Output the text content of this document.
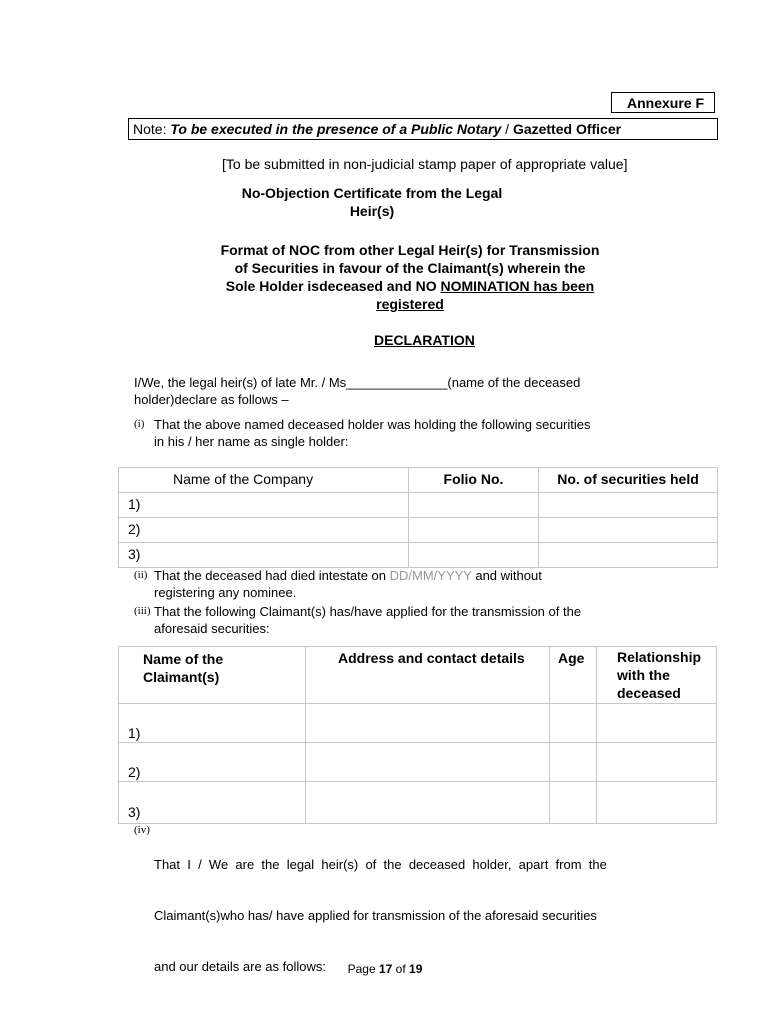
Annexure F
Note: To be executed in the presence of a Public Notary / Gazetted Officer
[To be submitted in non-judicial stamp paper of appropriate value]
No-Objection Certificate from the Legal
Heir(s)
Format of NOC from other Legal Heir(s) for Transmission
of Securities in favour of the Claimant(s) wherein the
Sole Holder isdeceased and NO NOMINATION has been
registered
DECLARATION
I/We, the legal heir(s) of late Mr. / Ms______________(name of the deceased
holder)declare as follows –
(i) That the above named deceased holder was holding the following securities
in his / her name as single holder:
Name of the Company	Folio No.	No. of securities held
1)		
2)		
3)		
(ii) That the deceased had died intestate on DD/MM/YYYY and without
registering any nominee.
(iii) That the following Claimant(s) has/have applied for the transmission of the
aforesaid securities:
Name of the Claimant(s)	Address and contact details	Age	Relationship with the deceased

1)			
2)			
3)			
(iv)

That  I  /  We  are  the  legal  heir(s)  of  the  deceased  holder,  apart  from  the

Claimant(s)who has/ have applied for transmission of the aforesaid securities

and our details are as follows:

	Page 17 of 19
